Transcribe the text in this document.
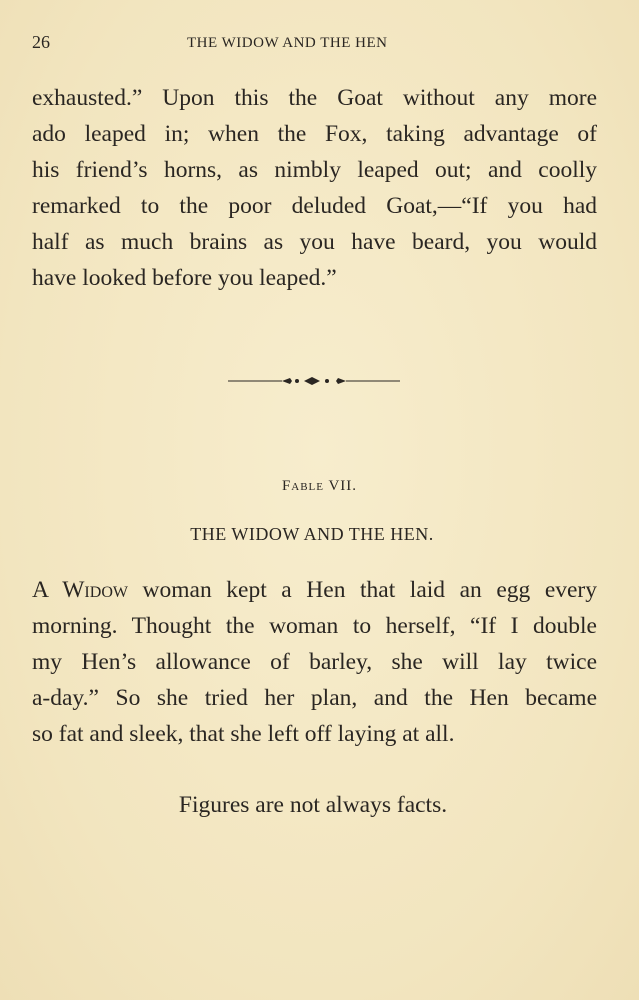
26	THE WIDOW AND THE HEN
exhausted.” Upon this the Goat without any more
ado leaped in; when the Fox, taking advantage of
his friend’s horns, as nimbly leaped out; and coolly
remarked to the poor deluded Goat,—“If you had
half as much brains as you have beard, you would
have looked before you leaped.”
Fable VII.
THE WIDOW AND THE HEN.
A Widow woman kept a Hen that laid an egg every
morning. Thought the woman to herself, “If I double
my Hen’s allowance of barley, she will lay twice
a-day.” So she tried her plan, and the Hen became
so fat and sleek, that she left off laying at all.
Figures are not always facts.
